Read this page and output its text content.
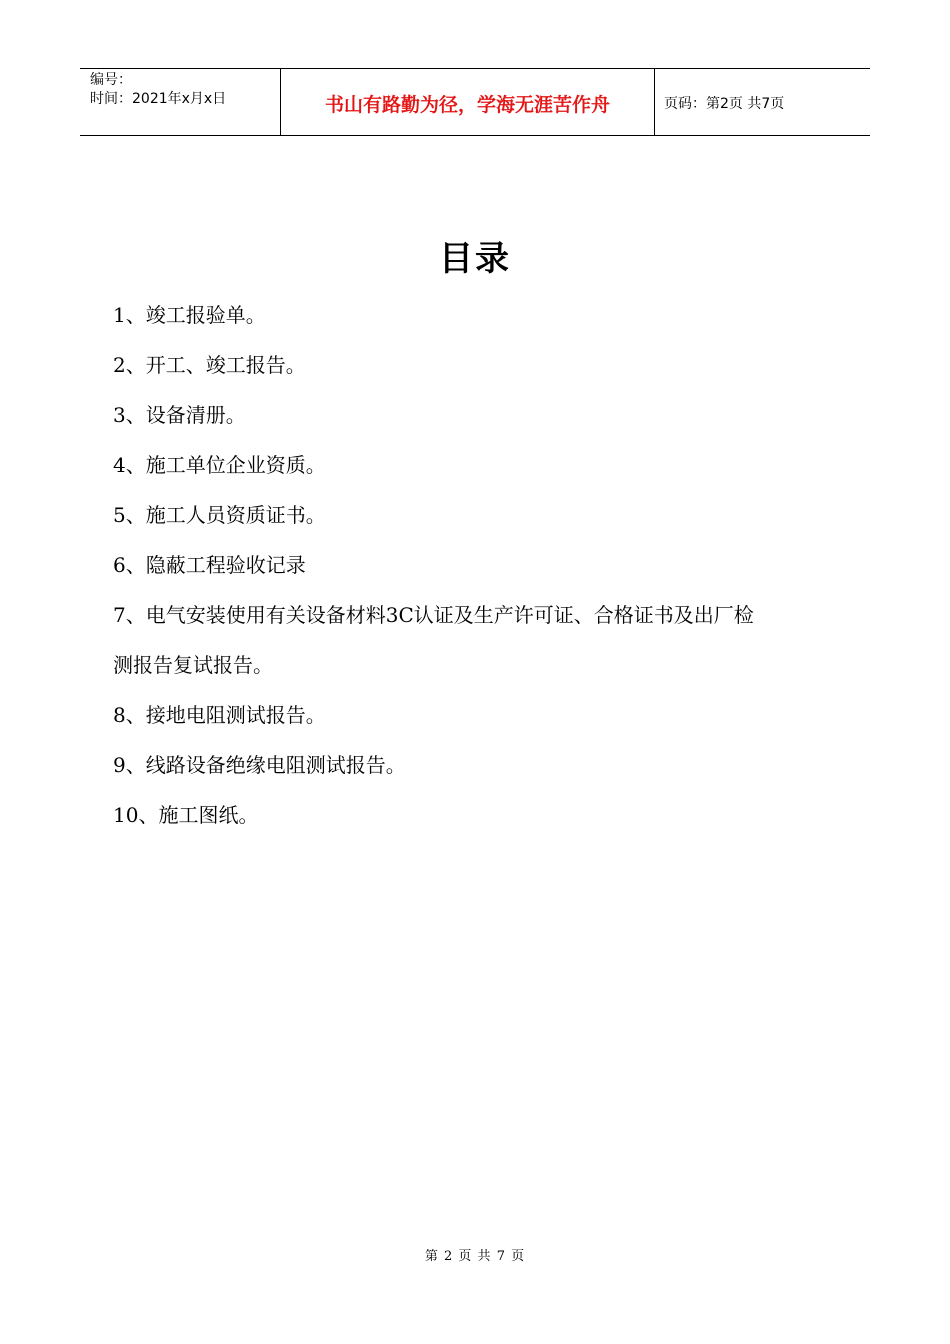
编号：
时间：2021年x月x日	书山有路勤为径，学海无涯苦作舟	页码：第2页 共7页
目录
1、竣工报验单。
2、开工、竣工报告。
3、设备清册。
4、施工单位企业资质。
5、施工人员资质证书。
6、隐蔽工程验收记录
7、电气安装使用有关设备材料3C认证及生产许可证、合格证书及出厂检
测报告复试报告。
8、接地电阻测试报告。
9、线路设备绝缘电阻测试报告。
10、施工图纸。
第 2 页 共 7 页
